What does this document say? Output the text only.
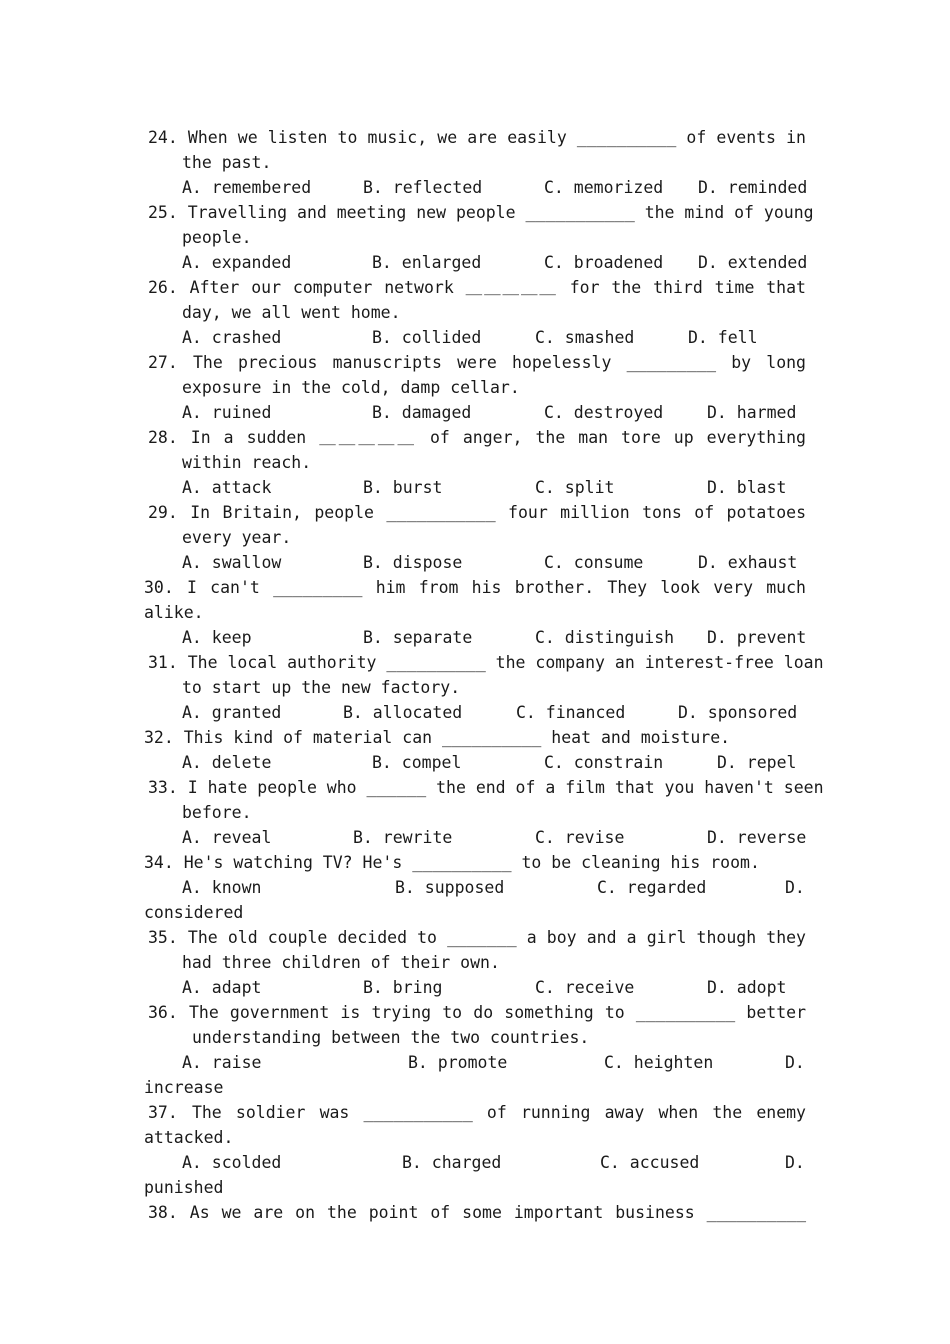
24. When we listen to music, we are easily __________ of events in
the past.
A. remembered	B. reflected	C. memorized D. reminded
25. Travelling and meeting new people ___________ the mind of young
people.
A. expanded	B. enlarged	C. broadened D. extended
26. After our computer network ＿＿＿＿＿ for the third time that
day, we all went home.
A. crashed	B. collided	C. smashed	D. fell
27. The precious manuscripts were hopelessly _________ by long
exposure in the cold, damp cellar.
A. ruined	B. damaged	C. destroyed	D. harmed
28. In a sudden ＿＿＿＿＿ of anger, the man tore up everything
within reach.
A. attack	B. burst	C. split	D. blast
29. In Britain, people ___________ four million tons of potatoes
every year.
A. swallow	B. dispose	C. consume	D. exhaust
30. I can't _________ him from his brother. They look very much
alike.
A. keep	B. separate	C. distinguish D. prevent
31. The local authority __________ the company an interest-free loan
to start up the new factory.
A. granted	B. allocated	C. financed	D. sponsored
32. This kind of material can __________ heat and moisture.
A. delete	B. compel	C. constrain	D. repel
33. I hate people who ______ the end of a film that you haven't seen
before.
A. reveal	B. rewrite	C. revise	D. reverse
34. He's watching TV? He's __________ to be cleaning his room.
A. known	B. supposed	C. regarded	D.
considered
35. The old couple decided to _______ a boy and a girl though they
had three children of their own.
A. adapt	B. bring	C. receive	D. adopt
36. The government is trying to do something to __________ better
understanding between the two countries.
A. raise	B. promote	C. heighten	D.
increase
37. The soldier was ___________ of running away when the enemy
attacked.
A. scolded	B. charged	C. accused	D.
punished
38. As we are on the point of some important business __________
